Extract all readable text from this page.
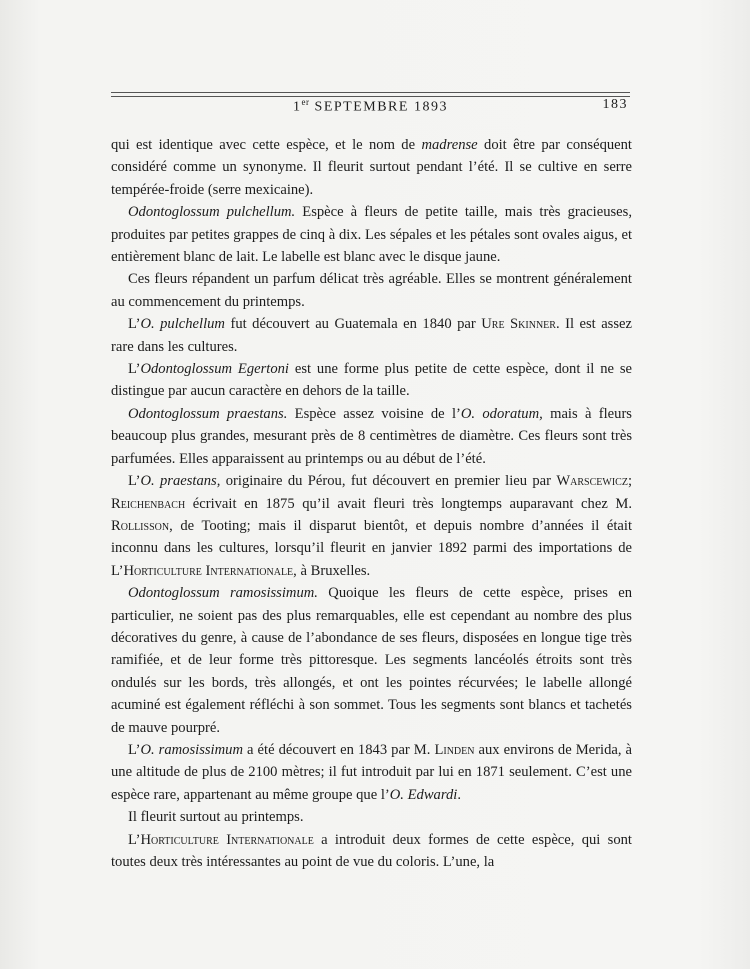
1er SEPTEMBRE 1893	183

qui est identique avec cette espèce, et le nom de madrense doit être par conséquent considéré comme un synonyme. Il fleurit surtout pendant l’été. Il se cultive en serre tempérée-froide (serre mexicaine).

Odontoglossum pulchellum. Espèce à fleurs de petite taille, mais très gracieuses, produites par petites grappes de cinq à dix. Les sépales et les pétales sont ovales aigus, et entièrement blanc de lait. Le labelle est blanc avec le disque jaune.

Ces fleurs répandent un parfum délicat très agréable. Elles se montrent généralement au commencement du printemps.

L’O. pulchellum fut découvert au Guatemala en 1840 par Ure Skinner. Il est assez rare dans les cultures.

L’Odontoglossum Egertoni est une forme plus petite de cette espèce, dont il ne se distingue par aucun caractère en dehors de la taille.

Odontoglossum praestans. Espèce assez voisine de l’O. odoratum, mais à fleurs beaucoup plus grandes, mesurant près de 8 centimètres de diamètre. Ces fleurs sont très parfumées. Elles apparaissent au printemps ou au début de l’été.

L’O. praestans, originaire du Pérou, fut découvert en premier lieu par Warscewicz; Reichenbach écrivait en 1875 qu’il avait fleuri très longtemps auparavant chez M. Rollisson, de Tooting; mais il disparut bientôt, et depuis nombre d’années il était inconnu dans les cultures, lorsqu’il fleurit en janvier 1892 parmi des importations de L’Horticulture Internationale, à Bruxelles.

Odontoglossum ramosissimum. Quoique les fleurs de cette espèce, prises en particulier, ne soient pas des plus remarquables, elle est cependant au nombre des plus décoratives du genre, à cause de l’abondance de ses fleurs, disposées en longue tige très ramifiée, et de leur forme très pittoresque. Les segments lancéolés étroits sont très ondulés sur les bords, très allongés, et ont les pointes récurvées; le labelle allongé acuminé est également réfléchi à son sommet. Tous les segments sont blancs et tachetés de mauve pourpré.

L’O. ramosissimum a été découvert en 1843 par M. Linden aux environs de Merida, à une altitude de plus de 2100 mètres; il fut introduit par lui en 1871 seulement. C’est une espèce rare, appartenant au même groupe que l’O. Edwardi.

Il fleurit surtout au printemps.

L’Horticulture Internationale a introduit deux formes de cette espèce, qui sont toutes deux très intéressantes au point de vue du coloris. L’une, la
